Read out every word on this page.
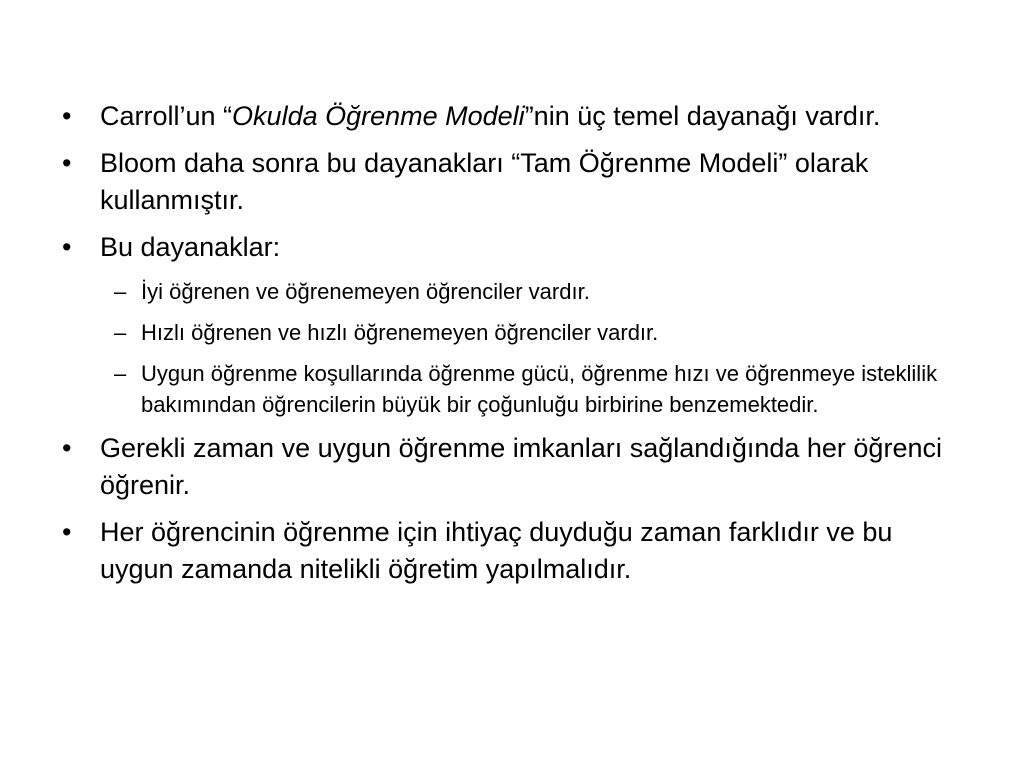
•	Carroll’un “Okulda Öğrenme Modeli”nin üç temel dayanağı vardır.
•	Bloom daha sonra bu dayanakları “Tam Öğrenme Modeli” olarak kullanmıştır.
•	Bu dayanaklar:
– İyi öğrenen ve öğrenemeyen öğrenciler vardır.
– Hızlı öğrenen ve hızlı öğrenemeyen öğrenciler vardır.
– Uygun öğrenme koşullarında öğrenme gücü, öğrenme hızı ve öğrenmeye isteklilik bakımından öğrencilerin büyük bir çoğunluğu birbirine benzemektedir.
•	Gerekli zaman ve uygun öğrenme imkanları sağlandığında her öğrenci öğrenir.
•	Her öğrencinin öğrenme için ihtiyaç duyduğu zaman farklıdır ve bu uygun zamanda nitelikli öğretim yapılmalıdır.
